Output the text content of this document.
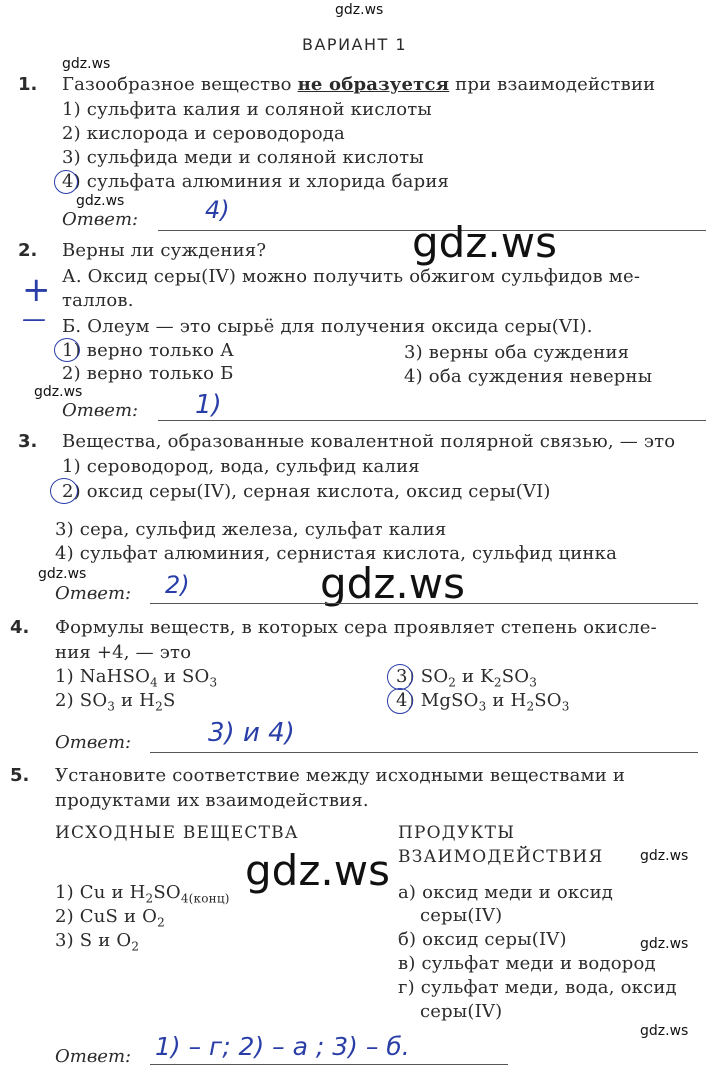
gdz.ws
ВАРИАНТ 1
gdz.ws
1. Газообразное вещество не образуется при взаимодействии
1) сульфита калия и соляной кислоты
2) кислорода и сероводорода
3) сульфида меди и соляной кислоты
4) сульфата алюминия и хлорида бария
gdz.ws
Ответ:	4)
gdz.ws
2. Верны ли суждения?
+ А. Оксид серы(IV) можно получить обжигом сульфидов ме-
таллов.
— Б. Олеум — это сырьё для получения оксида серы(VI).
1) верно только А	3) верны оба суждения
2) верно только Б	4) оба суждения неверны
gdz.ws
Ответ: 1)
3. Вещества, образованные ковалентной полярной связью, — это
1) сероводород, вода, сульфид калия
2) оксид серы(IV), серная кислота, оксид серы(VI)
3) сера, сульфид железа, сульфат калия
4) сульфат алюминия, сернистая кислота, сульфид цинка
gdz.ws	gdz.ws
Ответ: 2)
4. Формулы веществ, в которых сера проявляет степень окисле-
ния +4, — это
1) NaHSO$_4$ и $SO_3$
2) $SO_3$ и $H_2S$
3) $SO_2$ и $K_2SO_3$
4) MgSO$_3$ и $H_2SO_3$
Ответ:	3) и 4)
5. Установите соответствие между исходными веществами и
продуктами их взаимодействия.
ИСХОДНЫЕ ВЕЩЕСТВА	ПРОДУКТЫ
ВЗАИМОДЕЙСТВИЯ	gdz.ws
gdz.ws
1) Cu и $H_2SO_{4(конц)}$
2) CuS и $O_2$
3) S и $O_2$
а) оксид меди и оксид
серы(IV)
б) оксид серы(IV)	gdz.ws
в) сульфат меди и водород
г) сульфат меди, вода, оксид
серы(IV)
gdz.ws
Ответ: 1) – г; 2) – а ; 3) – б.
